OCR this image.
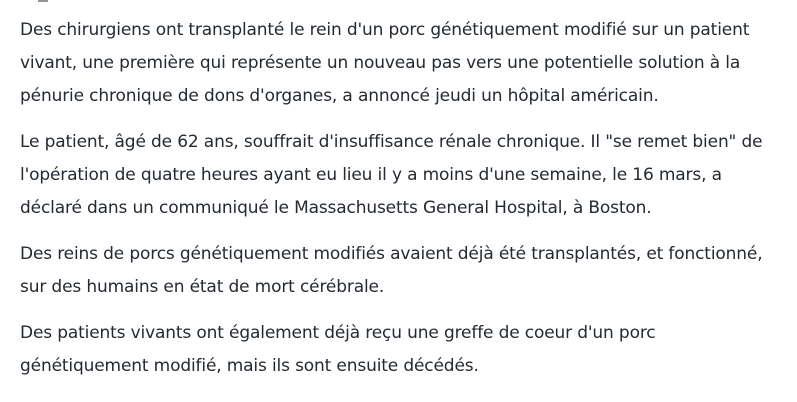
Des chirurgiens ont transplanté le rein d'un porc génétiquement modifié sur un patient vivant, une première qui représente un nouveau pas vers une potentielle solution à la pénurie chronique de dons d'organes, a annoncé jeudi un hôpital américain.

Le patient, âgé de 62 ans, souffrait d'insuffisance rénale chronique. Il "se remet bien" de l'opération de quatre heures ayant eu lieu il y a moins d'une semaine, le 16 mars, a déclaré dans un communiqué le Massachusetts General Hospital, à Boston.

Des reins de porcs génétiquement modifiés avaient déjà été transplantés, et fonctionné, sur des humains en état de mort cérébrale.

Des patients vivants ont également déjà reçu une greffe de coeur d'un porc génétiquement modifié, mais ils sont ensuite décédés.
